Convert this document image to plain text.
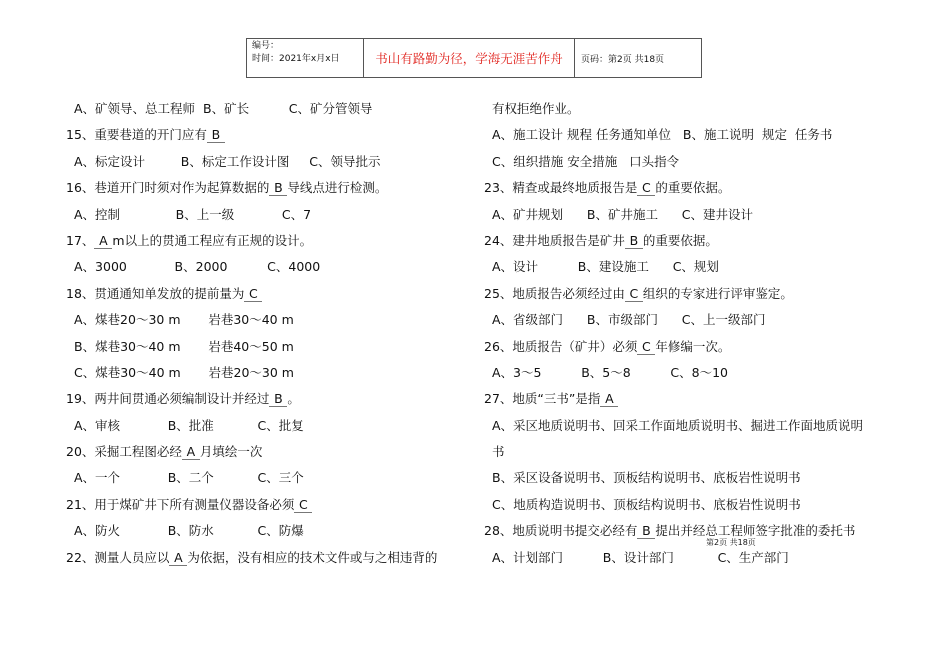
编号：
时间：2021年x月x日	书山有路勤为径，学海无涯苦作舟	页码：第2页 共18页
A、矿领导、总工程师  B、矿长          C、矿分管领导
15、重要巷道的开门应有 B
A、标定设计         B、标定工作设计图     C、领导批示
16、巷道开门时须对作为起算数据的 B 导线点进行检测。
A、控制              B、上一级            C、7
17、 A m以上的贯通工程应有正规的设计。
A、3000            B、2000          C、4000
18、贯通通知单发放的提前量为 C
A、煤巷20～30 m       岩巷30～40 m
B、煤巷30～40 m       岩巷40～50 m
C、煤巷30～40 m       岩巷20～30 m
19、两井间贯通必须编制设计并经过 B 。
A、审核            B、批准           C、批复
20、采掘工程图必经 A 月填绘一次
A、一个            B、二个           C、三个
21、用于煤矿井下所有测量仪器设备必须 C
A、防火            B、防水           C、防爆
22、测量人员应以 A 为依据，没有相应的技术文件或与之相违背的
有权拒绝作业。
A、施工设计 规程 任务通知单位   B、施工说明  规定  任务书
C、组织措施 安全措施   口头指令
23、精查或最终地质报告是 C 的重要依据。
A、矿井规划      B、矿井施工      C、建井设计
24、建井地质报告是矿井 B 的重要依据。
A、设计          B、建设施工      C、规划
25、地质报告必须经过由 C 组织的专家进行评审鉴定。
A、省级部门      B、市级部门      C、上一级部门
26、地质报告（矿井）必须 C 年修编一次。
A、3～5          B、5～8          C、8～10
27、地质“三书”是指 A
A、采区地质说明书、回采工作面地质说明书、掘进工作面地质说明
书
B、采区设备说明书、顶板结构说明书、底板岩性说明书
C、地质构造说明书、顶板结构说明书、底板岩性说明书
28、地质说明书提交必经有 B 提出并经总工程师签字批准的委托书
A、计划部门          B、设计部门           C、生产部门
第2页 共18页
